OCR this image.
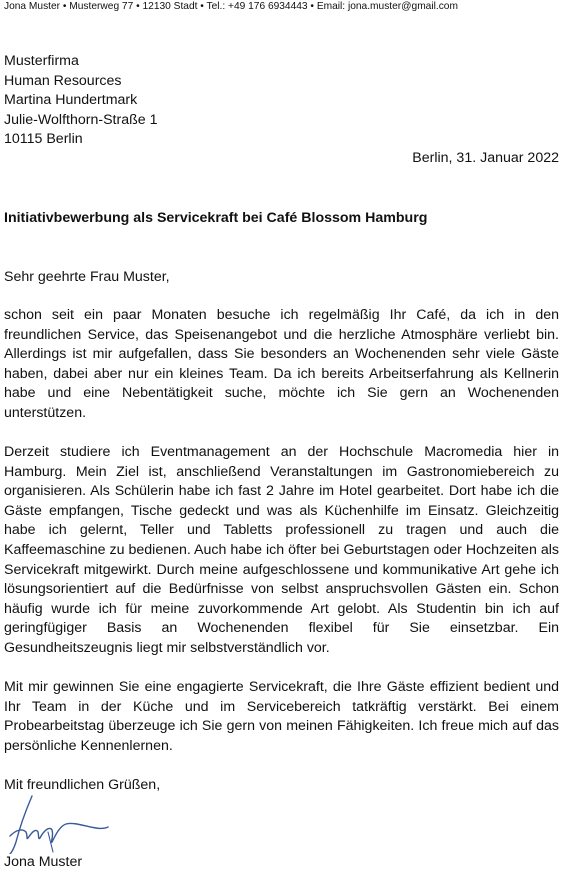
Jona Muster • Musterweg 77 • 12130 Stadt • Tel.: +49 176 6934443 • Email: jona.muster@gmail.com
Musterfirma
Human Resources
Martina Hundertmark
Julie-Wolfthorn-Straße 1
10115 Berlin
Berlin, 31. Januar 2022
Initiativbewerbung als Servicekraft bei Café Blossom Hamburg
Sehr geehrte Frau Muster,
schon seit ein paar Monaten besuche ich regelmäßig Ihr Café, da ich in den freundlichen Service, das Speisenangebot und die herzliche Atmosphäre verliebt bin. Allerdings ist mir aufgefallen, dass Sie besonders an Wochenenden sehr viele Gäste haben, dabei aber nur ein kleines Team. Da ich bereits Arbeitserfahrung als Kellnerin habe und eine Nebentätigkeit suche, möchte ich Sie gern an Wochenenden unterstützen.
Derzeit studiere ich Eventmanagement an der Hochschule Macromedia hier in Hamburg. Mein Ziel ist, anschließend Veranstaltungen im Gastronomiebereich zu organisieren. Als Schülerin habe ich fast 2 Jahre im Hotel gearbeitet. Dort habe ich die Gäste empfangen, Tische gedeckt und was als Küchenhilfe im Einsatz. Gleichzeitig habe ich gelernt, Teller und Tabletts professionell zu tragen und auch die Kaffeemaschine zu bedienen. Auch habe ich öfter bei Geburtstagen oder Hochzeiten als Servicekraft mitgewirkt. Durch meine aufgeschlossene und kommunikative Art gehe ich lösungsorientiert auf die Bedürfnisse von selbst anspruchsvollen Gästen ein. Schon häufig wurde ich für meine zuvorkommende Art gelobt. Als Studentin bin ich auf geringfügiger Basis an Wochenenden flexibel für Sie einsetzbar. Ein Gesundheitszeugnis liegt mir selbstverständlich vor.
Mit mir gewinnen Sie eine engagierte Servicekraft, die Ihre Gäste effizient bedient und Ihr Team in der Küche und im Servicebereich tatkräftig verstärkt. Bei einem Probearbeitstag überzeuge ich Sie gern von meinen Fähigkeiten. Ich freue mich auf das persönliche Kennenlernen.
Mit freundlichen Grüßen,
Jona Muster
